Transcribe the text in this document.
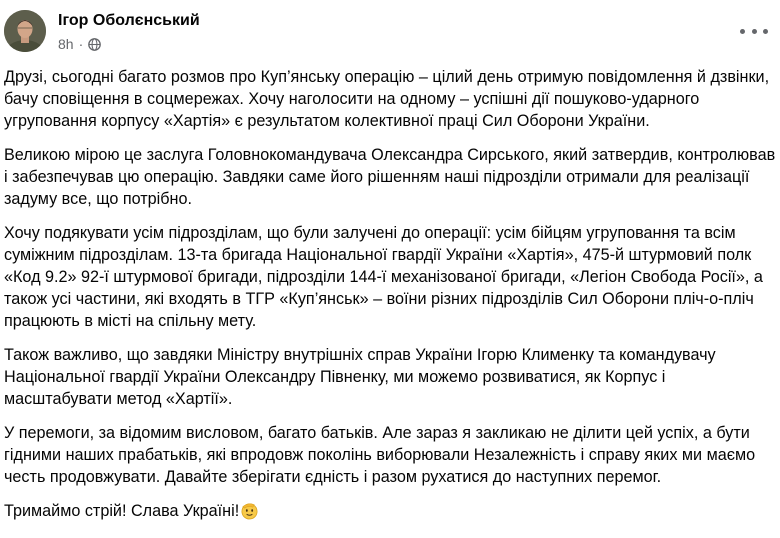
Ігор Оболєнський
8h ·

Друзі, сьогодні багато розмов про Куп’янську операцію – цілий день отримую повідомлення й дзвінки, бачу сповіщення в соцмережах. Хочу наголосити на одному – успішні дії пошуково-ударного угруповання корпусу «Хартія» є результатом колективної праці Сил Оборони України.

Великою мірою це заслуга Головнокомандувача Олександра Сирського, який затвердив, контролював і забезпечував цю операцію. Завдяки саме його рішенням наші підрозділи отримали для реалізації задуму все, що потрібно.

Хочу подякувати усім підрозділам, що були залучені до операції: усім бійцям угруповання та всім суміжним підрозділам. 13-та бригада Національної гвардії України «Хартія», 475-й штурмовий полк «Код 9.2» 92-ї штурмової бригади, підрозділи 144-ї механізованої бригади, «Легіон Свобода Росії», а також усі частини, які входять в ТГР «Куп’янськ» – воїни різних підрозділів Сил Оборони пліч-о-пліч працюють в місті на спільну мету.

Також важливо, що завдяки Міністру внутрішніх справ України Ігорю Клименку та командувачу Національної гвардії України Олександру Півненку, ми можемо розвиватися, як Корпус і масштабувати метод «Хартії».

У перемоги, за відомим висловом, багато батьків. Але зараз я закликаю не ділити цей успіх, а бути гідними наших прабатьків, які впродовж поколінь виборювали Незалежність і справу яких ми маємо честь продовжувати. Давайте зберігати єдність і разом рухатися до наступних перемог.

Тримаймо стрій! Слава Україні!
